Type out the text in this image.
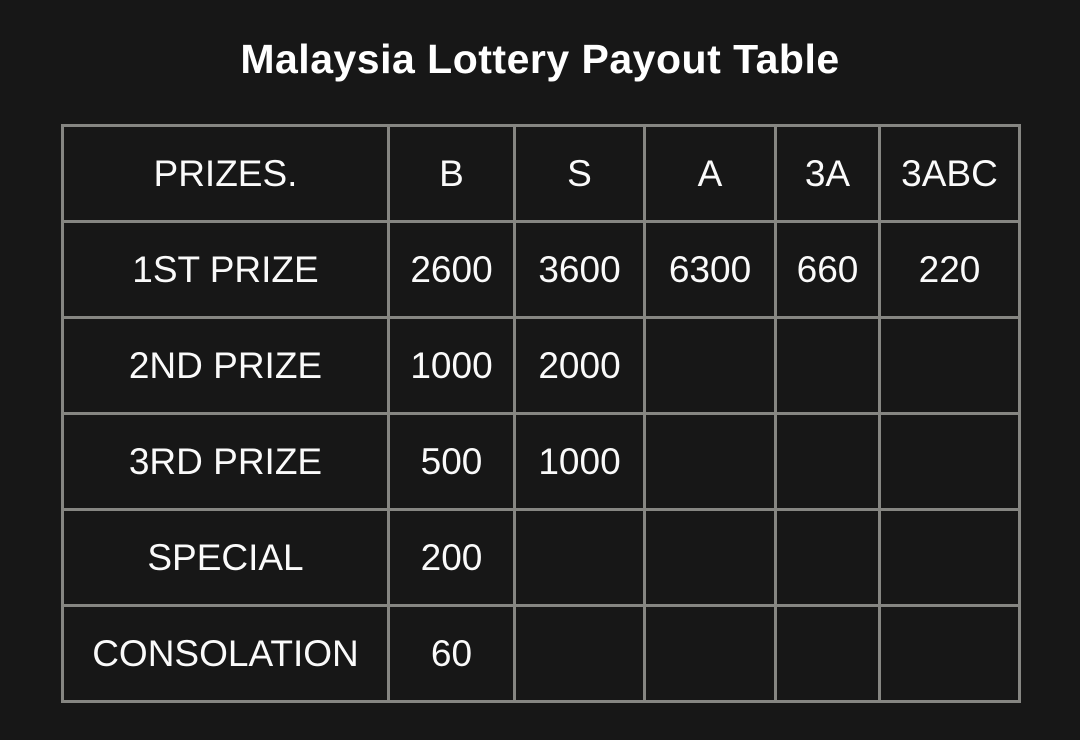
Malaysia Lottery Payout Table
PRIZES.	B	S	A	3A	3ABC
1ST PRIZE	2600	3600	6300	660	220
2ND PRIZE	1000	2000			
3RD PRIZE	500	1000			
SPECIAL	200				
CONSOLATION	60				
